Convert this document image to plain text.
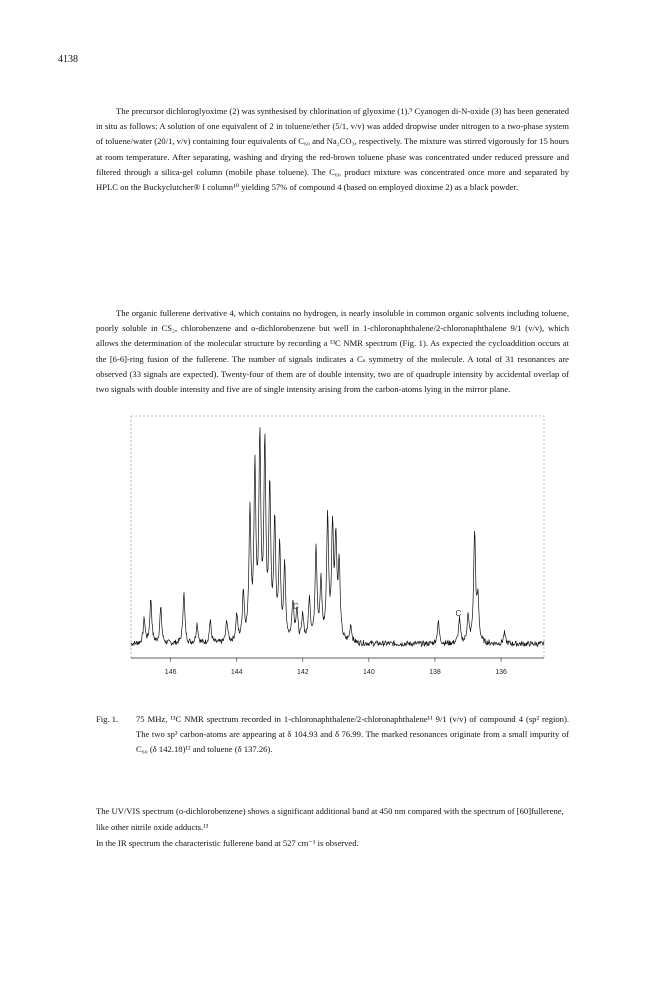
4138

The precursor dichloroglyoxime (2) was synthesised by chlorination of glyoxime (1).⁹ Cyanogen di-N-oxide (3) has been generated in situ as follows: A solution of one equivalent of 2 in toluene/ether (5/1, v/v) was added dropwise under nitrogen to a two-phase system of toluene/water (20/1, v/v) containing four equivalents of C₆₀ and Na₂CO₃, respectively. The mixture was stirred vigorously for 15 hours at room temperature. After separating, washing and drying the red-brown toluene phase was concentrated under reduced pressure and filtered through a silica-gel column (mobile phase toluene). The C₆₀ product mixture was concentrated once more and separated by HPLC on the Buckyclutcher® I column¹⁰ yielding 57% of compound 4 (based on employed dioxime 2) as a black powder.

The organic fullerene derivative 4, which contains no hydrogen, is nearly insoluble in common organic solvents including toluene, poorly soluble in CS₂, chlorobenzene and o-dichlorobenzene but well in 1-chloronaphthalene/2-chloronaphthalene 9/1 (v/v), which allows the determination of the molecular structure by recording a ¹³C NMR spectrum (Fig. 1). As expected the cycloaddition occurs at the [6-6]-ring fusion of the fullerene. The number of signals indicates a Cₛ symmetry of the molecule. A total of 31 resonances are observed (33 signals are expected). Twenty-four of them are of double intensity, two are of quadruple intensity by accidental overlap of two signals with double intensity and five are of single intensity arising from the carbon-atoms lying in the mirror plane.

146	144	142	140	138	136
C
C
Fig. 1. 75 MHz, ¹³C NMR spectrum recorded in 1-chloronaphthalene/2-chloronaphthalene¹¹ 9/1 (v/v) of compound 4 (sp² region). The two sp³ carbon-atoms are appearing at δ 104.93 and δ 76.99. The marked resonances originate from a small impurity of C₆₀ (δ 142.18)¹² and toluene (δ 137.26).

The UV/VIS spectrum (o-dichlorobenzene) shows a significant additional band at 450 nm compared with the spectrum of [60]fullerene, like other nitrile oxide adducts.¹³

In the IR spectrum the characteristic fullerene band at 527 cm⁻¹ is observed.
